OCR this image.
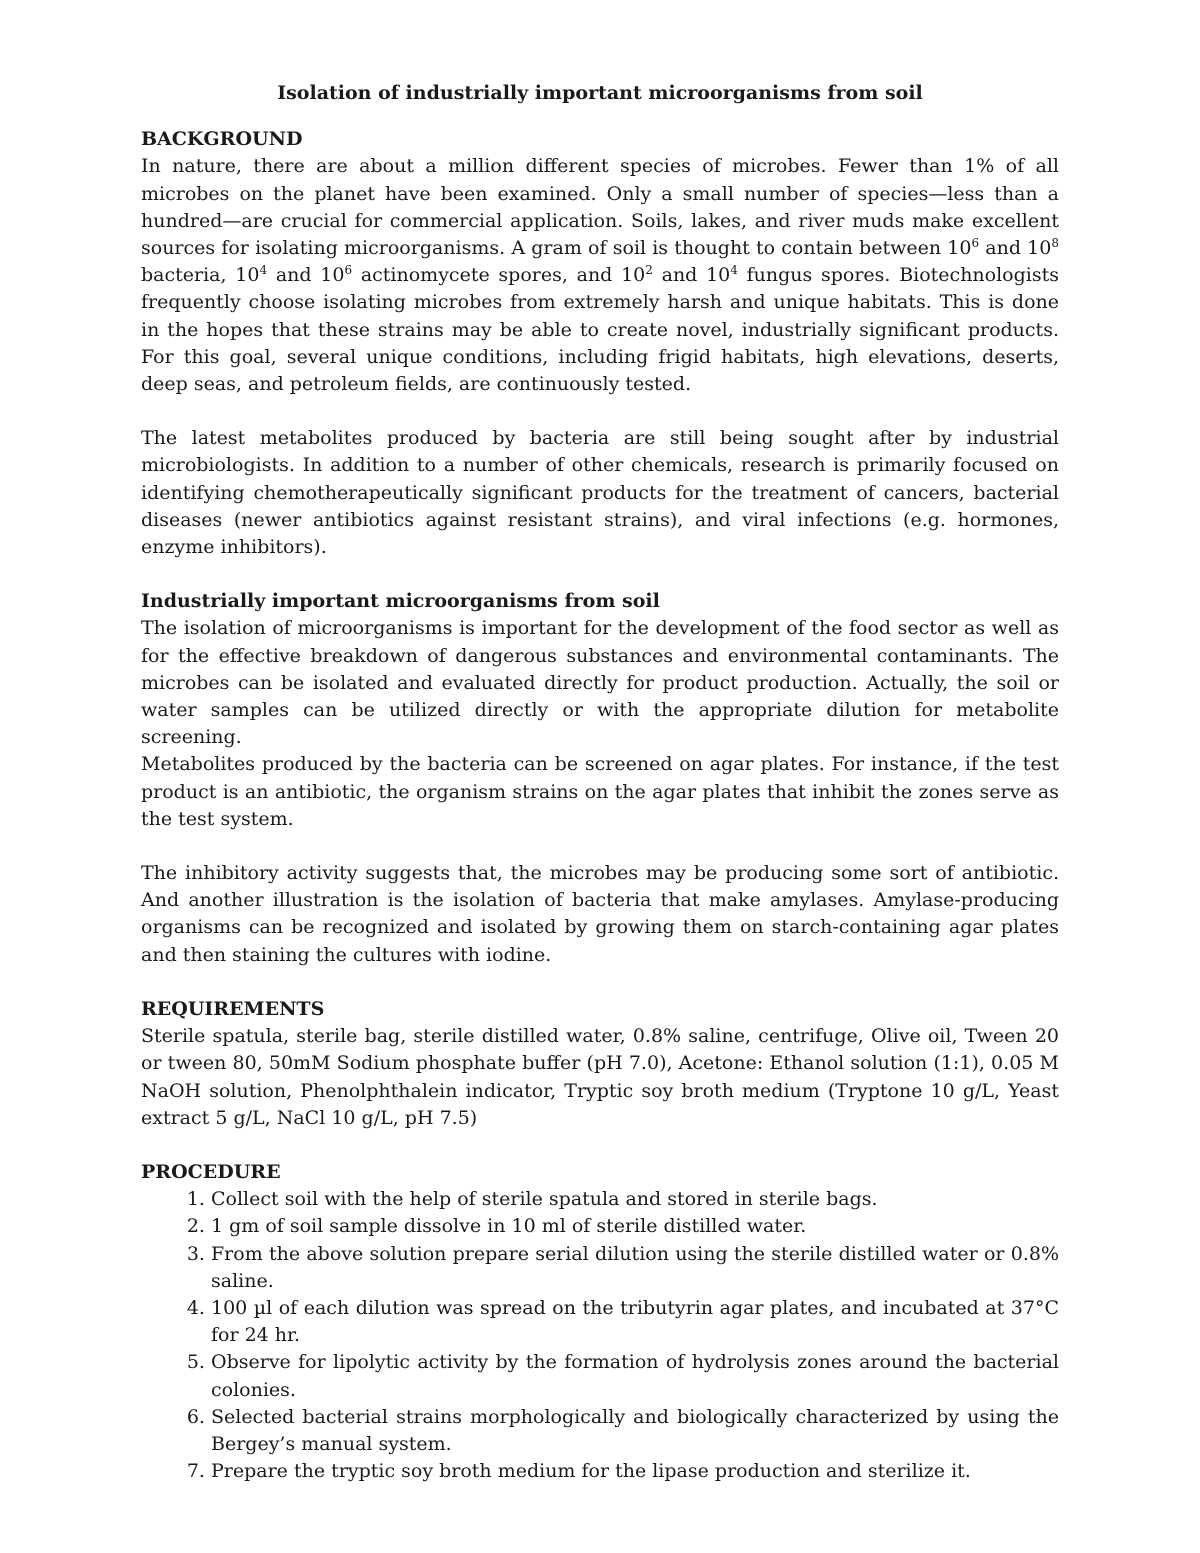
Isolation of industrially important microorganisms from soil
BACKGROUND

In nature, there are about a million different species of microbes. Fewer than 1% of all microbes on the planet have been examined. Only a small number of species—less than a hundred—are crucial for commercial application. Soils, lakes, and river muds make excellent sources for isolating microorganisms. A gram of soil is thought to contain between $10^6$ and $10^8$ bacteria, $10^4$ and $10^6$ actinomycete spores, and $10^2$ and $10^4$ fungus spores. Biotechnologists frequently choose isolating microbes from extremely harsh and unique habitats. This is done in the hopes that these strains may be able to create novel, industrially significant products. For this goal, several unique conditions, including frigid habitats, high elevations, deserts, deep seas, and petroleum fields, are continuously tested.

The latest metabolites produced by bacteria are still being sought after by industrial microbiologists. In addition to a number of other chemicals, research is primarily focused on identifying chemotherapeutically significant products for the treatment of cancers, bacterial diseases (newer antibiotics against resistant strains), and viral infections (e.g. hormones, enzyme inhibitors).

Industrially important microorganisms from soil

The isolation of microorganisms is important for the development of the food sector as well as for the effective breakdown of dangerous substances and environmental contaminants. The microbes can be isolated and evaluated directly for product production. Actually, the soil or water samples can be utilized directly or with the appropriate dilution for metabolite screening.

Metabolites produced by the bacteria can be screened on agar plates. For instance, if the test product is an antibiotic, the organism strains on the agar plates that inhibit the zones serve as the test system.

The inhibitory activity suggests that, the microbes may be producing some sort of antibiotic. And another illustration is the isolation of bacteria that make amylases. Amylase-producing organisms can be recognized and isolated by growing them on starch-containing agar plates and then staining the cultures with iodine.

REQUIREMENTS

Sterile spatula, sterile bag, sterile distilled water, 0.8% saline, centrifuge, Olive oil, Tween 20 or tween 80, 50mM Sodium phosphate buffer (pH 7.0), Acetone: Ethanol solution (1:1), 0.05 M NaOH solution, Phenolphthalein indicator, Tryptic soy broth medium (Tryptone 10 g/L, Yeast extract 5 g/L, NaCl 10 g/L, pH 7.5)

PROCEDURE
1. Collect soil with the help of sterile spatula and stored in sterile bags.
2. 1 gm of soil sample dissolve in 10 ml of sterile distilled water.
3. From the above solution prepare serial dilution using the sterile distilled water or 0.8% saline.
4. 100 µl of each dilution was spread on the tributyrin agar plates, and incubated at 37°C for 24 hr.
5. Observe for lipolytic activity by the formation of hydrolysis zones around the bacterial colonies.
6. Selected bacterial strains morphologically and biologically characterized by using the Bergey’s manual system.
7. Prepare the tryptic soy broth medium for the lipase production and sterilize it.
